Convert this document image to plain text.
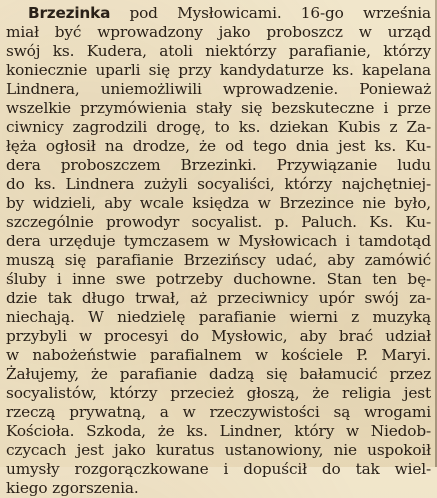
Brzezinka pod Mysłowicami. 16-go września
miał być wprowadzony jako proboszcz w urząd
swój ks. Kudera, atoli niektórzy parafianie, którzy
koniecznie uparli się przy kandydaturze ks. kapelana
Lindnera, uniemożliwili wprowadzenie. Ponieważ
wszelkie przymówienia stały się bezskuteczne i prze
ciwnicy zagrodzili drogę, to ks. dziekan Kubis z Za-
łęża ogłosił na drodze, że od tego dnia jest ks. Ku-
dera proboszczem Brzezinki. Przywiązanie ludu
do ks. Lindnera zużyli socyaliści, którzy najchętniej-
by widzieli, aby wcale księdza w Brzezince nie było,
szczególnie prowodyr socyalist. p. Paluch. Ks. Ku-
dera urzęduje tymczasem w Mysłowicach i tamdotąd
muszą się parafianie Brzezińscy udać, aby zamówić
śluby i inne swe potrzeby duchowne. Stan ten bę-
dzie tak długo trwał, aż przeciwnicy upór swój za-
niechają. W niedzielę parafianie wierni z muzyką
przybyli w procesyi do Mysłowic, aby brać udział
w nabożeństwie parafialnem w kościele P. Maryi.
Żałujemy, że parafianie dadzą się bałamucić przez
socyalistów, którzy przecież głoszą, że religia jest
rzeczą prywatną, a w rzeczywistości są wrogami
Kościoła. Szkoda, że ks. Lindner, który w Niedob-
czycach jest jako kuratus ustanowiony, nie uspokoił
umysły rozgorączkowane i dopuścił do tak wiel-
kiego zgorszenia.
